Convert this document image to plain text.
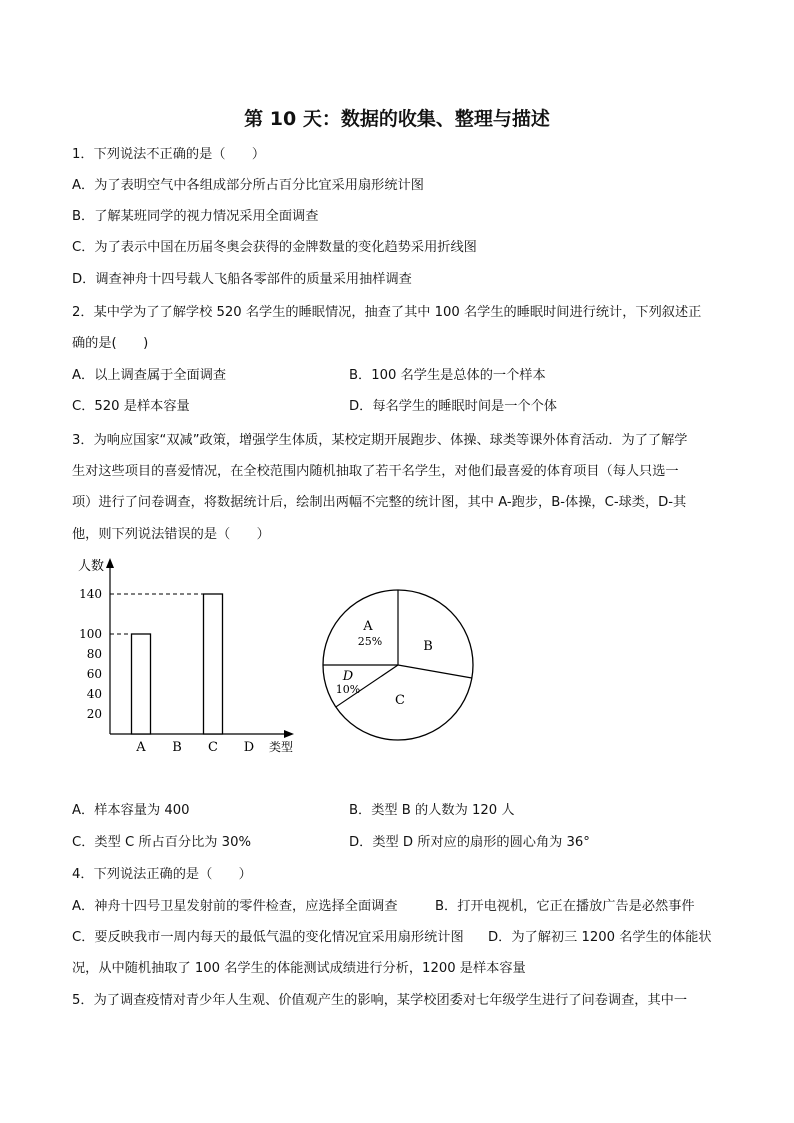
第 10 天：数据的收集、整理与描述
1．下列说法不正确的是（　　）
A．为了表明空气中各组成部分所占百分比宜采用扇形统计图
B．了解某班同学的视力情况采用全面调查
C．为了表示中国在历届冬奥会获得的金牌数量的变化趋势采用折线图
D．调查神舟十四号载人飞船各零部件的质量采用抽样调查
2．某中学为了了解学校 520 名学生的睡眠情况，抽查了其中 100 名学生的睡眠时间进行统计，下列叙述正
确的是(　　)
A．以上调查属于全面调查	B．100 名学生是总体的一个样本
C．520 是样本容量	D．每名学生的睡眠时间是一个个体
3．为响应国家“双减”政策，增强学生体质，某校定期开展跑步、体操、球类等课外体育活动．为了了解学
生对这些项目的喜爱情况，在全校范围内随机抽取了若干名学生，对他们最喜爱的体育项目（每人只选一
项）进行了问卷调查，将数据统计后，绘制出两幅不完整的统计图，其中 A-跑步，B-体操，C-球类，D-其
他，则下列说法错误的是（　　）
人数
类型
20
40
60
80
100
140
A B C D
A
B
C
D
25%
10%
A．样本容量为 400	B．类型 B 的人数为 120 人
C．类型 C 所占百分比为 30%	D．类型 D 所对应的扇形的圆心角为 36°
4．下列说法正确的是（　　）
A．神舟十四号卫星发射前的零件检查，应选择全面调查	B．打开电视机，它正在播放广告是必然事件
C．要反映我市一周内每天的最低气温的变化情况宜采用扇形统计图 D．为了解初三 1200 名学生的体能状
况，从中随机抽取了 100 名学生的体能测试成绩进行分析，1200 是样本容量
5．为了调查疫情对青少年人生观、价值观产生的影响，某学校团委对七年级学生进行了问卷调查，其中一
